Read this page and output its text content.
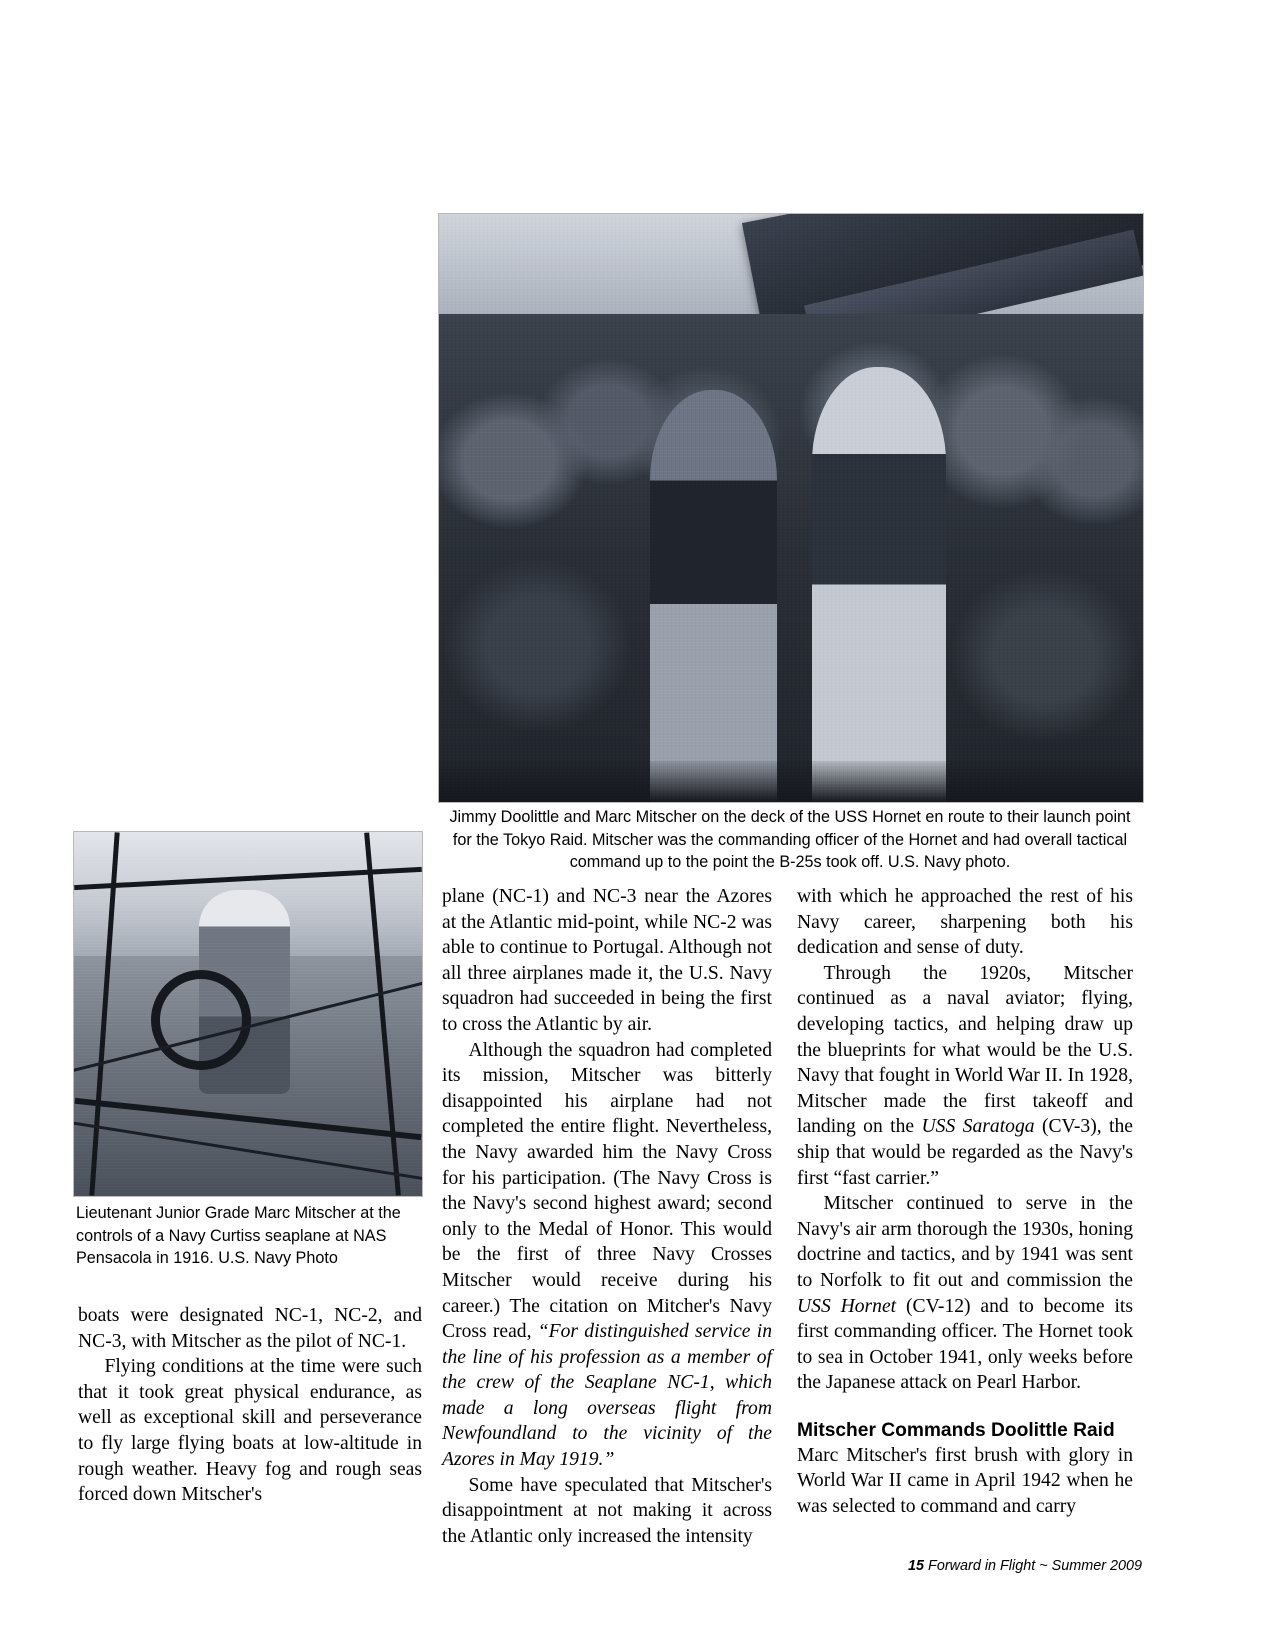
Jimmy Doolittle and Marc Mitscher on the deck of the USS Hornet en route to their launch point for the Tokyo Raid. Mitscher was the commanding officer of the Hornet and had overall tactical command up to the point the B-25s took off. U.S. Navy photo.
Lieutenant Junior Grade Marc Mitscher at the controls of a Navy Curtiss seaplane at NAS Pensacola in 1916. U.S. Navy Photo

boats were designated NC-1, NC-2, and NC-3, with Mitscher as the pilot of NC-1.

Flying conditions at the time were such that it took great physical endurance, as well as exceptional skill and perseverance to fly large flying boats at low-altitude in rough weather. Heavy fog and rough seas forced down Mitscher's

plane (NC-1) and NC-3 near the Azores at the Atlantic mid-point, while NC-2 was able to continue to Portugal. Although not all three airplanes made it, the U.S. Navy squadron had succeeded in being the first to cross the Atlantic by air.

Although the squadron had completed its mission, Mitscher was bitterly disappointed his airplane had not completed the entire flight. Nevertheless, the Navy awarded him the Navy Cross for his participation. (The Navy Cross is the Navy's second highest award; second only to the Medal of Honor. This would be the first of three Navy Crosses Mitscher would receive during his career.) The citation on Mitcher's Navy Cross read, “For distinguished service in the line of his profession as a member of the crew of the Seaplane NC-1, which made a long overseas flight from Newfoundland to the vicinity of the Azores in May 1919.”

Some have speculated that Mitscher's disappointment at not making it across the Atlantic only increased the intensity

with which he approached the rest of his Navy career, sharpening both his dedication and sense of duty.

Through the 1920s, Mitscher continued as a naval aviator; flying, developing tactics, and helping draw up the blueprints for what would be the U.S. Navy that fought in World War II. In 1928, Mitscher made the first takeoff and landing on the USS Saratoga (CV-3), the ship that would be regarded as the Navy's first “fast carrier.”

Mitscher continued to serve in the Navy's air arm thorough the 1930s, honing doctrine and tactics, and by 1941 was sent to Norfolk to fit out and commission the USS Hornet (CV-12) and to become its first commanding officer. The Hornet took to sea in October 1941, only weeks before the Japanese attack on Pearl Harbor.

Mitscher Commands Doolittle Raid

Marc Mitscher's first brush with glory in World War II came in April 1942 when he was selected to command and carry

15 Forward in Flight ~ Summer 2009
